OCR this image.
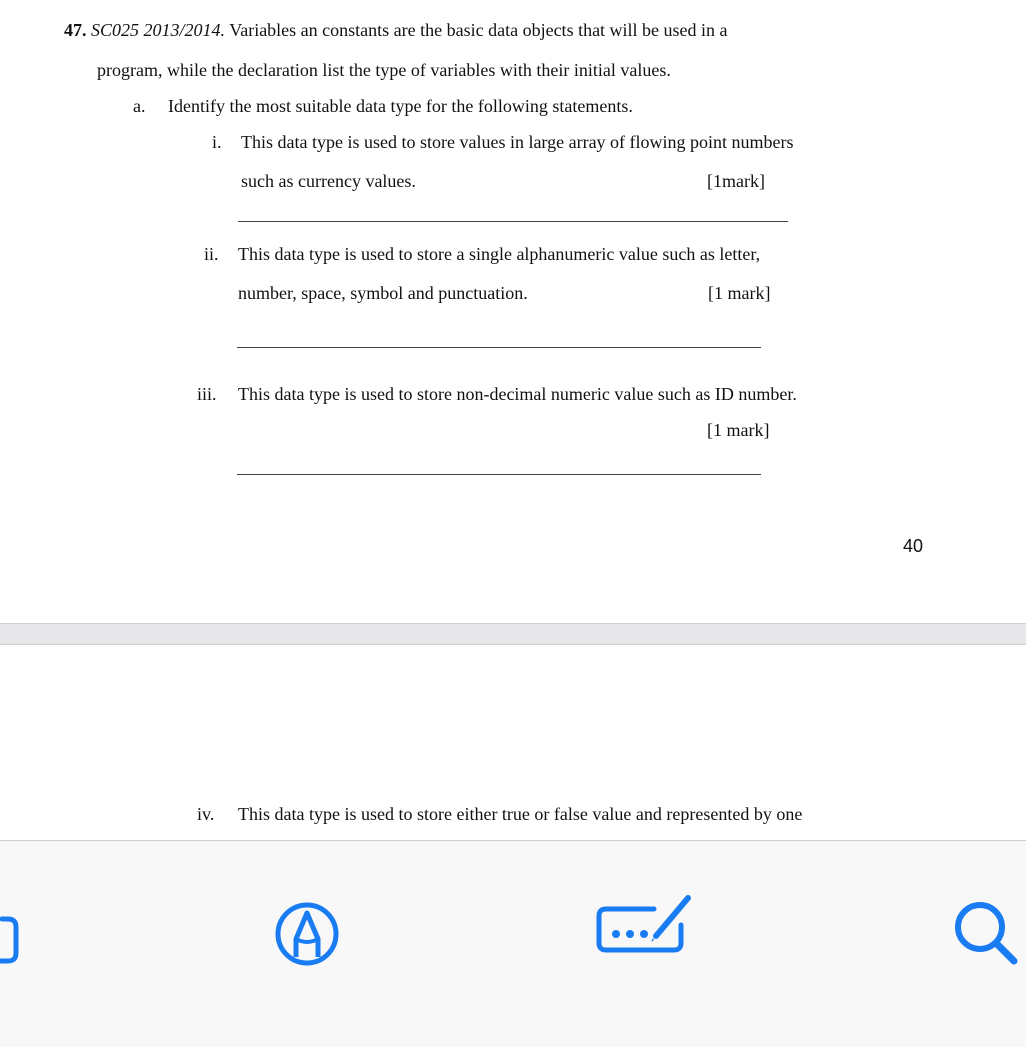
47. SC025 2013/2014. Variables an constants are the basic data objects that will be used in a
program, while the declaration list the type of variables with their initial values.
a. Identify the most suitable data type for the following statements.
i. This data type is used to store values in large array of flowing point numbers
such as currency values.	[1mark]
ii. This data type is used to store a single alphanumeric value such as letter,
number, space, symbol and punctuation.	[1 mark]
iii. This data type is used to store non-decimal numeric value such as ID number.
[1 mark]
40
iv. This data type is used to store either true or false value and represented by one
